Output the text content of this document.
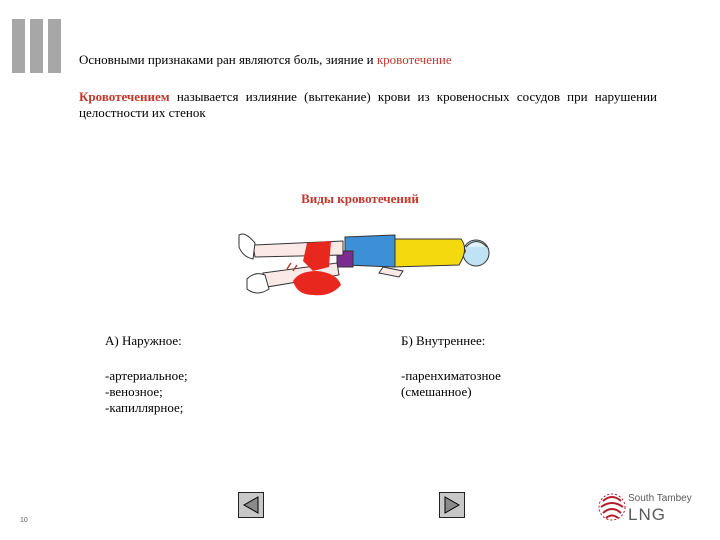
Основными признаками ран являются боль, зияние и кровотечение
Кровотечением называется излияние (вытекание) крови из кровеносных сосудов при нарушении целостности их стенок
Виды кровотечений
А) Наружное:	Б) Внутреннее:
-артериальное;
-венозное;
-капиллярное;
-паренхиматозное
(смешанное)
10
South Tambey
LNG
